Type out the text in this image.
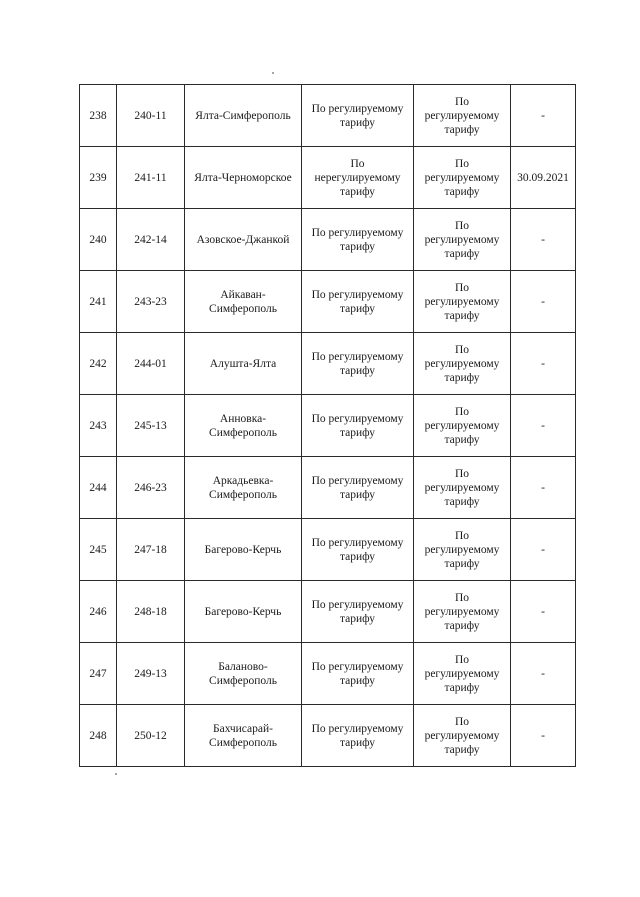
238	240-11	Ялта-Симферополь	По регулируемому
тарифу	По
регулируемому
тарифу	-
239	241-11	Ялта-Черноморское	По
нерегулируемому
тарифу	По
регулируемому
тарифу	30.09.2021
240	242-14	Азовское-Джанкой	По регулируемому
тарифу	По
регулируемому
тарифу	-
241	243-23	Айкаван-
Симферополь	По регулируемому
тарифу	По
регулируемому
тарифу	-
242	244-01	Алушта-Ялта	По регулируемому
тарифу	По
регулируемому
тарифу	-
243	245-13	Анновка-
Симферополь	По регулируемому
тарифу	По
регулируемому
тарифу	-
244	246-23	Аркадьевка-
Симферополь	По регулируемому
тарифу	По
регулируемому
тарифу	-
245	247-18	Багерово-Керчь	По регулируемому
тарифу	По
регулируемому
тарифу	-
246	248-18	Багерово-Керчь	По регулируемому
тарифу	По
регулируемому
тарифу	-
247	249-13	Баланово-
Симферополь	По регулируемому
тарифу	По
регулируемому
тарифу	-
248	250-12	Бахчисарай-
Симферополь	По регулируемому
тарифу	По
регулируемому
тарифу	-
